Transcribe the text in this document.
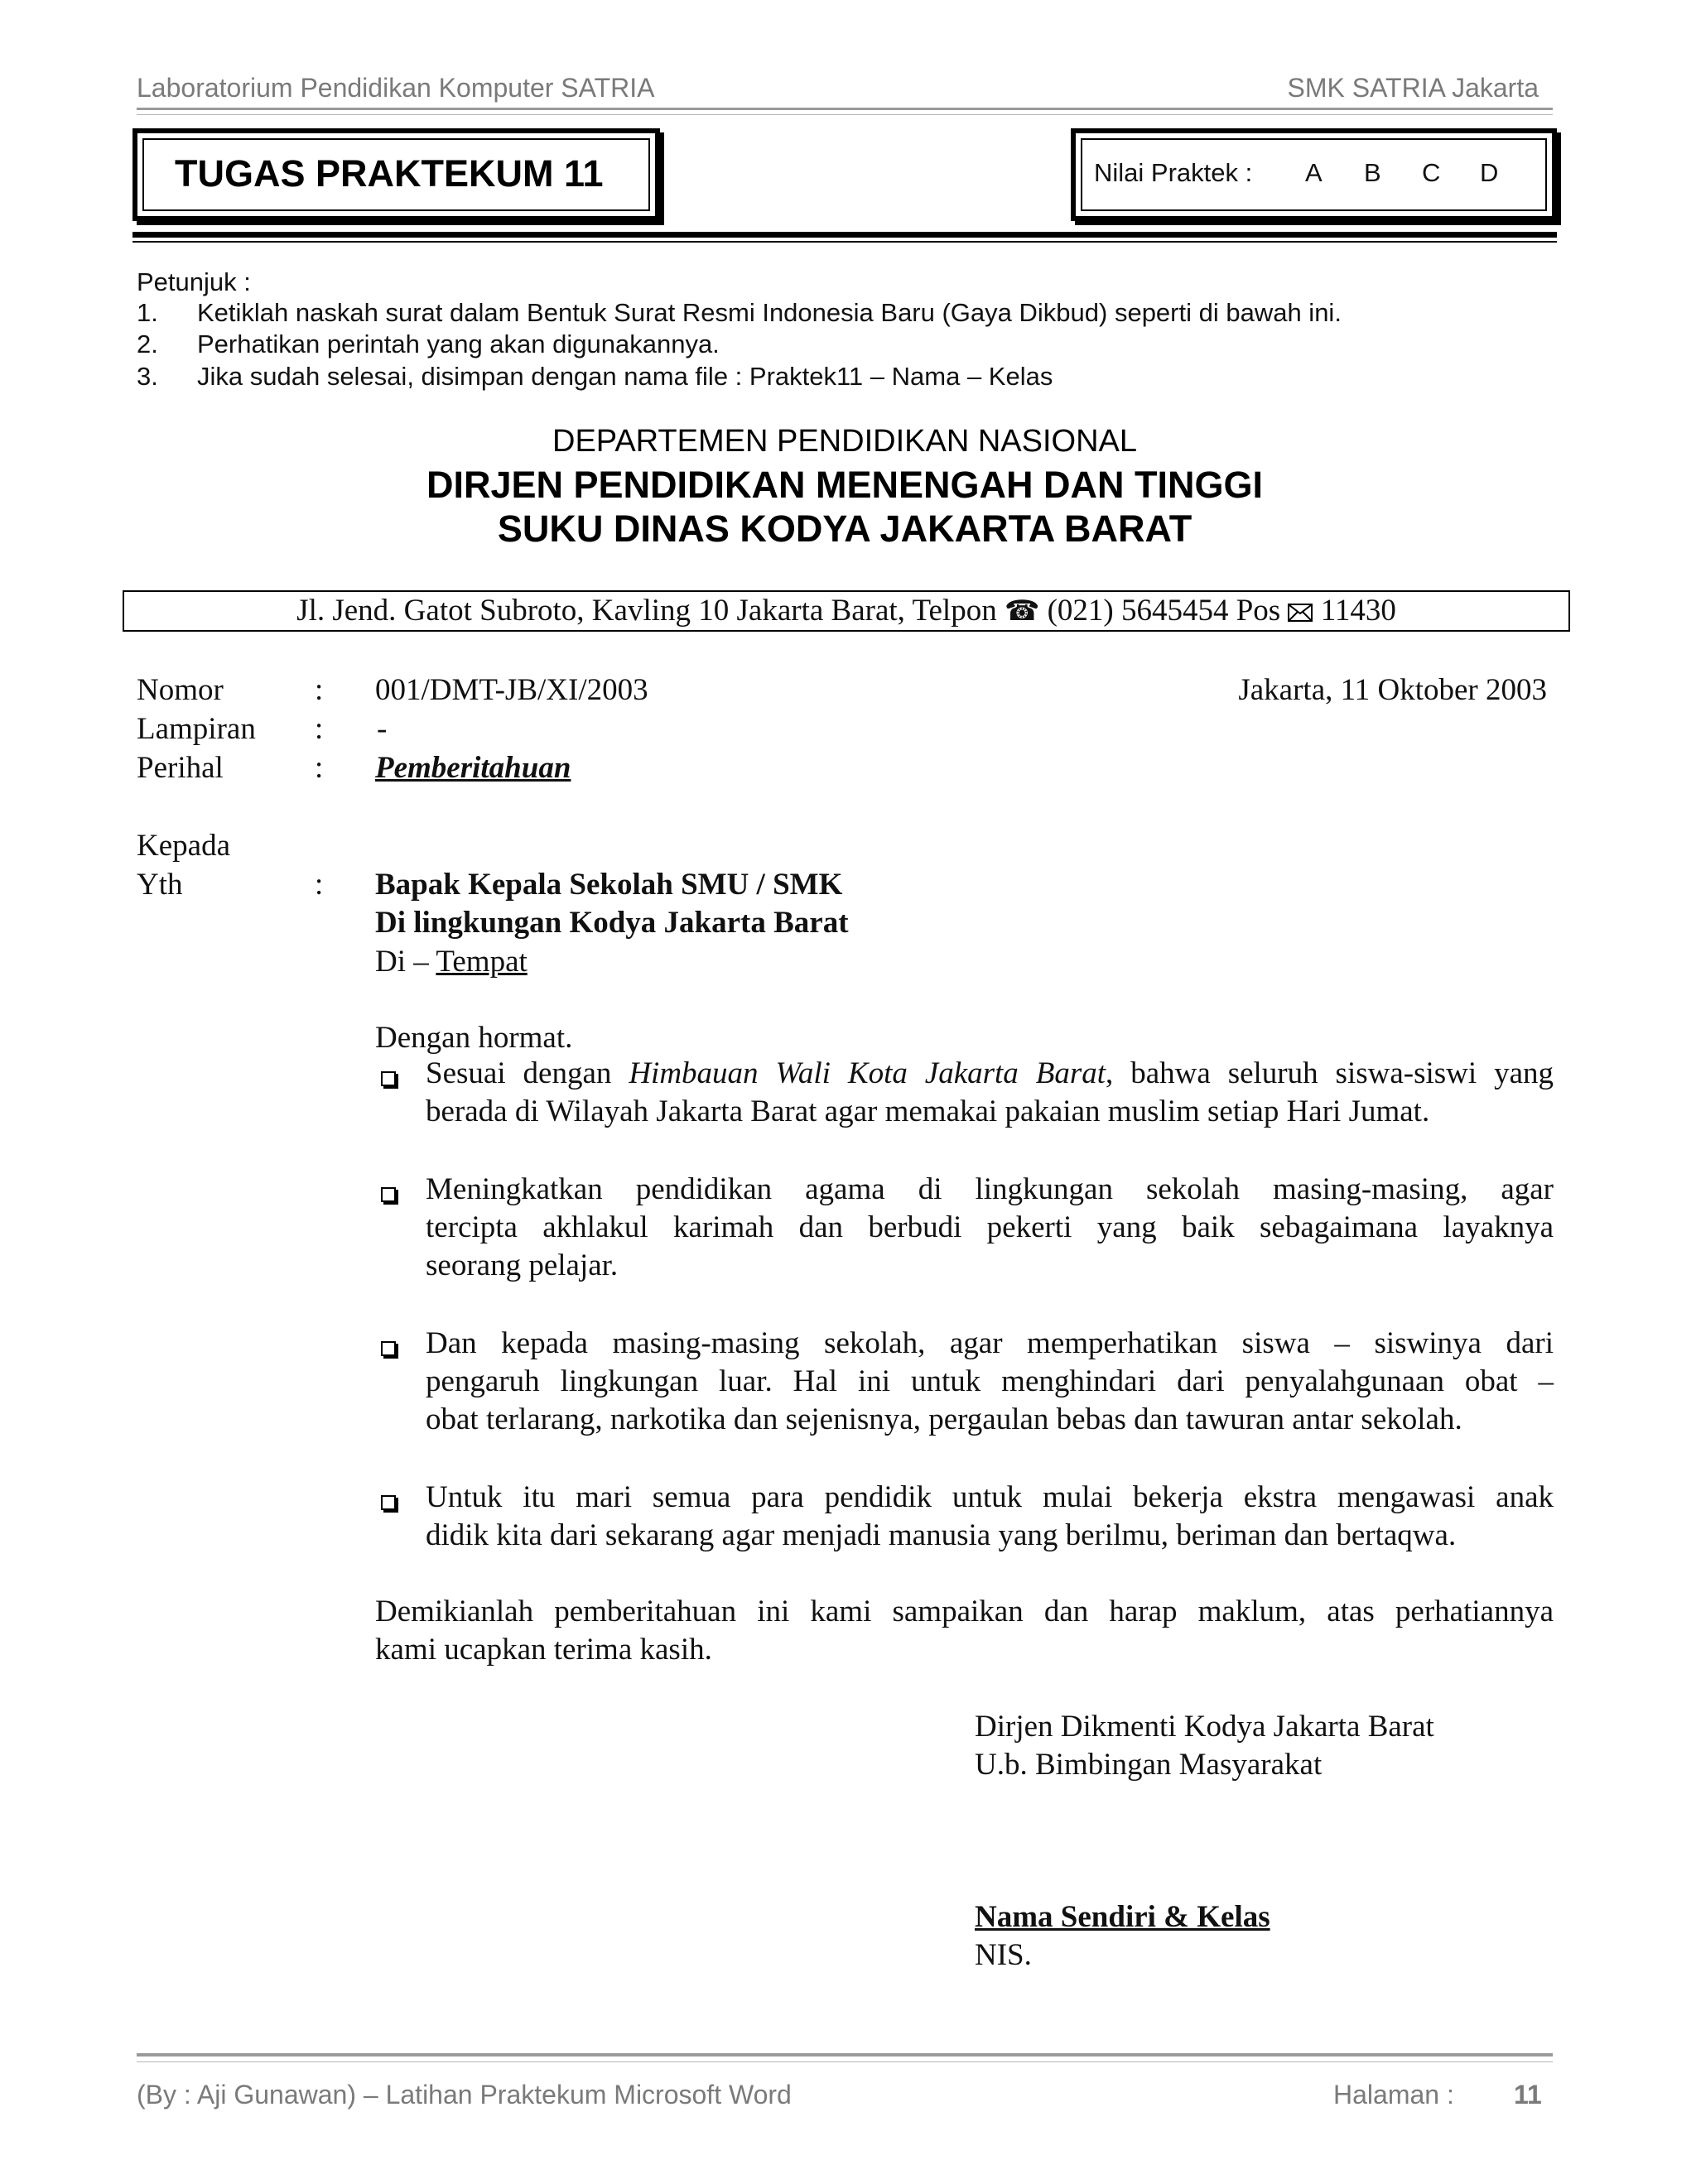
Laboratorium Pendidikan Komputer SATRIA	SMK SATRIA Jakarta
TUGAS PRAKTEKUM 11	Nilai Praktek : A B C D
Petunjuk :
1. Ketiklah naskah surat dalam Bentuk Surat Resmi Indonesia Baru (Gaya Dikbud) seperti di bawah ini.
2. Perhatikan perintah yang akan digunakannya.
3. Jika sudah selesai, disimpan dengan nama file : Praktek11 – Nama – Kelas
DEPARTEMEN PENDIDIKAN NASIONAL
DIRJEN PENDIDIKAN MENENGAH DAN TINGGI
SUKU DINAS KODYA JAKARTA BARAT
Jl. Jend. Gatot Subroto, Kavling 10 Jakarta Barat, Telpon ☎ (021) 5645454 Pos 11430
Nomor	: 001/DMT-JB/XI/2003	Jakarta, 11 Oktober 2003
Lampiran : -
Perihal	: Pemberitahuan
Kepada
Yth	: Bapak Kepala Sekolah SMU / SMK
Di lingkungan Kodya Jakarta Barat
Di – Tempat
Dengan hormat.
Sesuai dengan Himbauan Wali Kota Jakarta Barat, bahwa seluruh siswa-siswi yang
berada di Wilayah Jakarta Barat agar memakai pakaian muslim setiap Hari Jumat.
Meningkatkan pendidikan agama di lingkungan sekolah masing-masing, agar
tercipta akhlakul karimah dan berbudi pekerti yang baik sebagaimana layaknya
seorang pelajar.
Dan kepada masing-masing sekolah, agar memperhatikan siswa – siswinya dari
pengaruh lingkungan luar. Hal ini untuk menghindari dari penyalahgunaan obat –
obat terlarang, narkotika dan sejenisnya, pergaulan bebas dan tawuran antar sekolah.
Untuk itu mari semua para pendidik untuk mulai bekerja ekstra mengawasi anak
didik kita dari sekarang agar menjadi manusia yang berilmu, beriman dan bertaqwa.
Demikianlah pemberitahuan ini kami sampaikan dan harap maklum, atas perhatiannya
kami ucapkan terima kasih.
Dirjen Dikmenti Kodya Jakarta Barat
U.b. Bimbingan Masyarakat
Nama Sendiri & Kelas
NIS.
(By : Aji Gunawan) – Latihan Praktekum Microsoft Word	Halaman : 11
